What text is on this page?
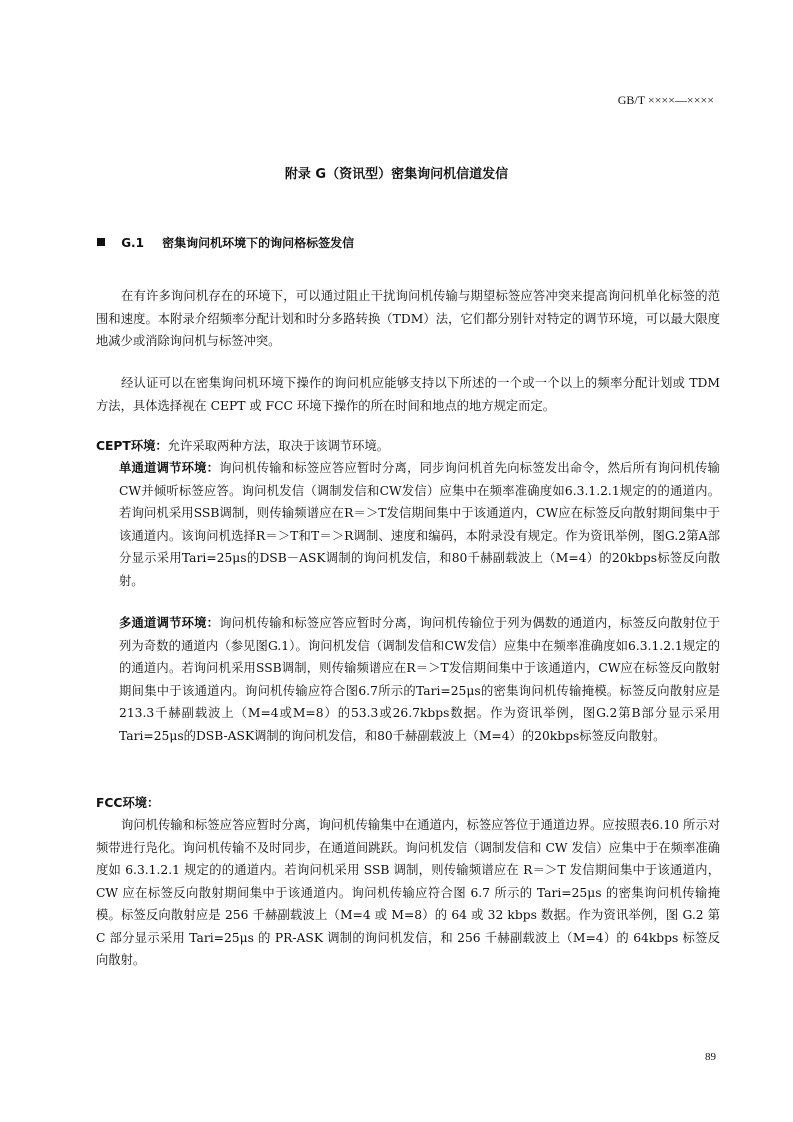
GB/T ××××—××××
附录 G（资讯型）密集询问机信道发信
G.1 密集询问机环境下的询问格标签发信

在有许多询问机存在的环境下，可以通过阻止干扰询问机传输与期望标签应答冲突来提高询问机单化标签的范围和速度。本附录介绍频率分配计划和时分多路转换（TDM）法，它们都分别针对特定的调节环境，可以最大限度地减少或消除询问机与标签冲突。

经认证可以在密集询问机环境下操作的询问机应能够支持以下所述的一个或一个以上的频率分配计划或 TDM 方法，具体选择视在 CEPT 或 FCC 环境下操作的所在时间和地点的地方规定而定。

CEPT环境：允许采取两种方法，取决于该调节环境。

单通道调节环境：询问机传输和标签应答应暂时分离，同步询问机首先向标签发出命令，然后所有询问机传输CW并倾听标签应答。询问机发信（调制发信和CW发信）应集中在频率准确度如6.3.1.2.1规定的的通道内。若询问机采用SSB调制，则传输频谱应在R＝＞T发信期间集中于该通道内，CW应在标签反向散射期间集中于该通道内。该询问机选择R＝＞T和T＝＞R调制、速度和编码，本附录没有规定。作为资讯举例，图G.2第A部分显示采用Tari=25μs的DSB－ASK调制的询问机发信，和80千赫副载波上（M=4）的20kbps标签反向散射。

多通道调节环境：询问机传输和标签应答应暂时分离，询问机传输位于列为偶数的通道内，标签反向散射位于列为奇数的通道内（参见图G.1）。询问机发信（调制发信和CW发信）应集中在频率准确度如6.3.1.2.1规定的的通道内。若询问机采用SSB调制，则传输频谱应在R＝＞T发信期间集中于该通道内，CW应在标签反向散射期间集中于该通道内。询问机传输应符合图6.7所示的Tari=25μs的密集询问机传输掩模。标签反向散射应是213.3千赫副载波上（M=4或M=8）的53.3或26.7kbps数据。作为资讯举例，图G.2第B部分显示采用Tari=25μs的DSB-ASK调制的询问机发信，和80千赫副载波上（M=4）的20kbps标签反向散射。

FCC环境：

询问机传输和标签应答应暂时分离，询问机传输集中在通道内，标签应答位于通道边界。应按照表6.10 所示对频带进行凫化。询问机传输不及时同步，在通道间跳跃。询问机发信（调制发信和 CW 发信）应集中于在频率准确度如 6.3.1.2.1 规定的的通道内。若询问机采用 SSB 调制，则传输频谱应在 R＝＞T 发信期间集中于该通道内，CW 应在标签反向散射期间集中于该通道内。询问机传输应符合图 6.7 所示的 Tari=25μs 的密集询问机传输掩模。标签反向散射应是 256 千赫副载波上（M=4 或 M=8）的 64 或 32 kbps 数据。作为资讯举例，图 G.2 第 C 部分显示采用 Tari=25μs 的 PR-ASK 调制的询问机发信，和 256 千赫副载波上（M=4）的 64kbps 标签反向散射。

89
